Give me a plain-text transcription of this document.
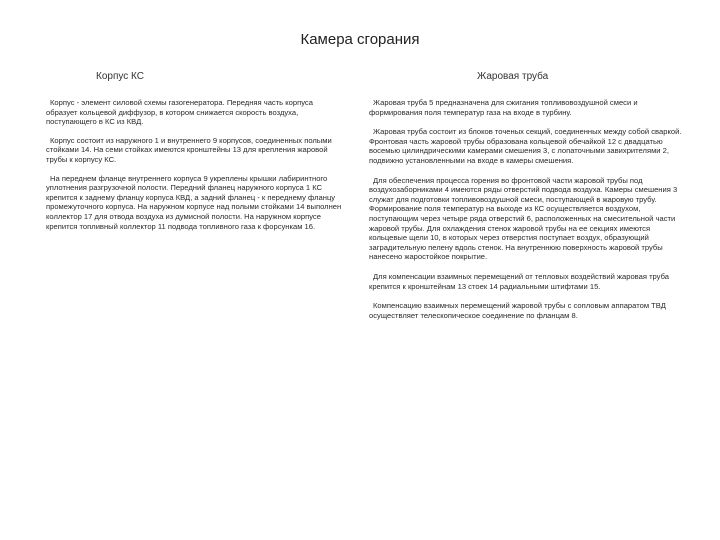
Камера сгорания
Корпус КС

Корпус - элемент силовой схемы газогенератора. Передняя часть корпуса образует кольцевой диффузор, в котором снижается скорость воздуха, поступающего в КС из КВД.

Корпус состоит из наружного 1 и внутреннего 9 корпусов, соединенных полыми стойками 14. На семи стойках имеются кронштейны 13 для крепления жаровой трубы к корпусу КС.

На переднем фланце внутреннего корпуса 9 укреплены крышки лабиринтного уплотнения разгрузочной полости. Передний фланец наружного корпуса 1 КС крепится к заднему фланцу корпуса КВД, а задний фланец - к переднему фланцу промежуточного корпуса. На наружном корпусе над полыми стойками 14 выполнен коллектор 17 для отвода воздуха из думисной полости. На наружном корпусе крепится топливный коллектор 11 подвода топливного газа к форсункам 16.

Жаровая труба

Жаровая труба 5 предназначена для сжигания топливовоздушной смеси и формирования поля температур газа на входе в турбину.

Жаровая труба состоит из блоков точеных секций, соединенных между собой сваркой. Фронтовая часть жаровой трубы образована кольцевой обечайкой 12 с двадцатью восемью цилиндрическими камерами смешения 3, с лопаточными завихрителями 2, подвижно установленными на входе в камеры смешения.

Для обеспечения процесса горения во фронтовой части жаровой трубы под воздухозаборниками 4 имеются ряды отверстий подвода воздуха. Камеры смешения 3 служат для подготовки топливовоздушной смеси, поступающей в жаровую трубу. Формирование поля температур на выходе из КС осуществляется воздухом, поступающим через четыре ряда отверстий 6, расположенных на смесительной части жаровой трубы. Для охлаждения стенок жаровой трубы на ее секциях имеются кольцевые щели 10, в которых через отверстия поступает воздух, образующий заградительную пелену вдоль стенок. На внутреннюю поверхность жаровой трубы нанесено жаростойкое покрытие.

Для компенсации взаимных перемещений от тепловых воздействий жаровая труба крепится к кронштейнам 13 стоек 14 радиальными штифтами 15.

Компенсацию взаимных перемещений жаровой трубы с сопловым аппаратом ТВД осуществляет телескопическое соединение по фланцам 8.
